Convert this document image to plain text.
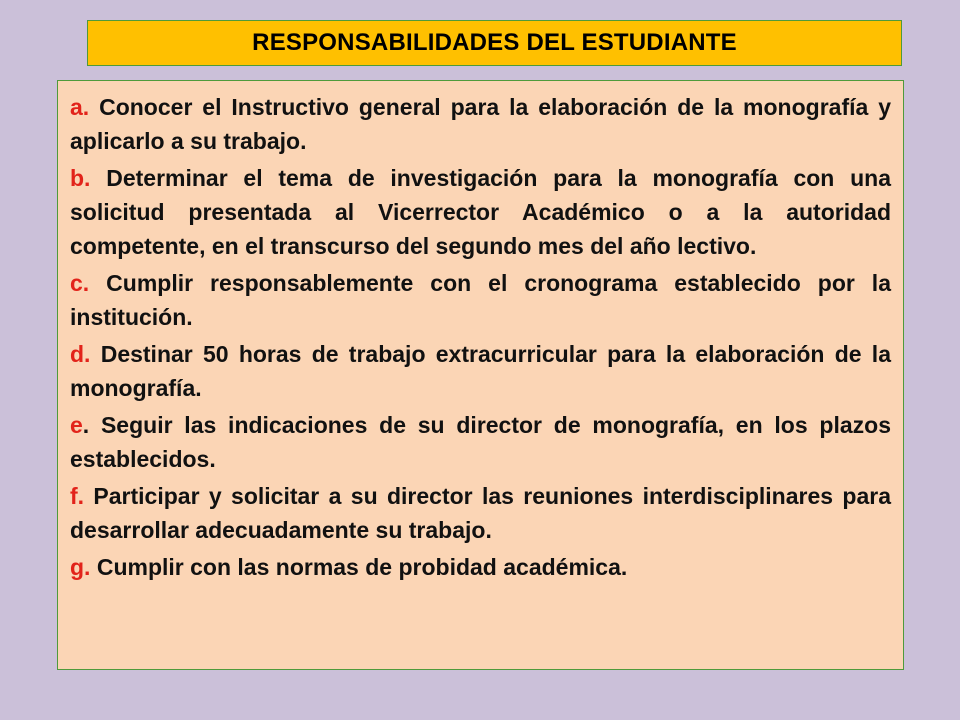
RESPONSABILIDADES DEL ESTUDIANTE

a. Conocer el Instructivo general para la elaboración de la monografía y aplicarlo a su trabajo.

b. Determinar el tema de investigación para la monografía con una solicitud presentada al Vicerrector Académico o a la autoridad competente, en el transcurso del segundo mes del año lectivo.

c. Cumplir responsablemente con el cronograma establecido por la institución.

d. Destinar 50 horas de trabajo extracurricular para la elaboración de la monografía.

e. Seguir las indicaciones de su director de monografía, en los plazos establecidos.

f. Participar y solicitar a su director las reuniones interdisciplinares para desarrollar adecuadamente su trabajo.

g. Cumplir con las normas de probidad académica.
